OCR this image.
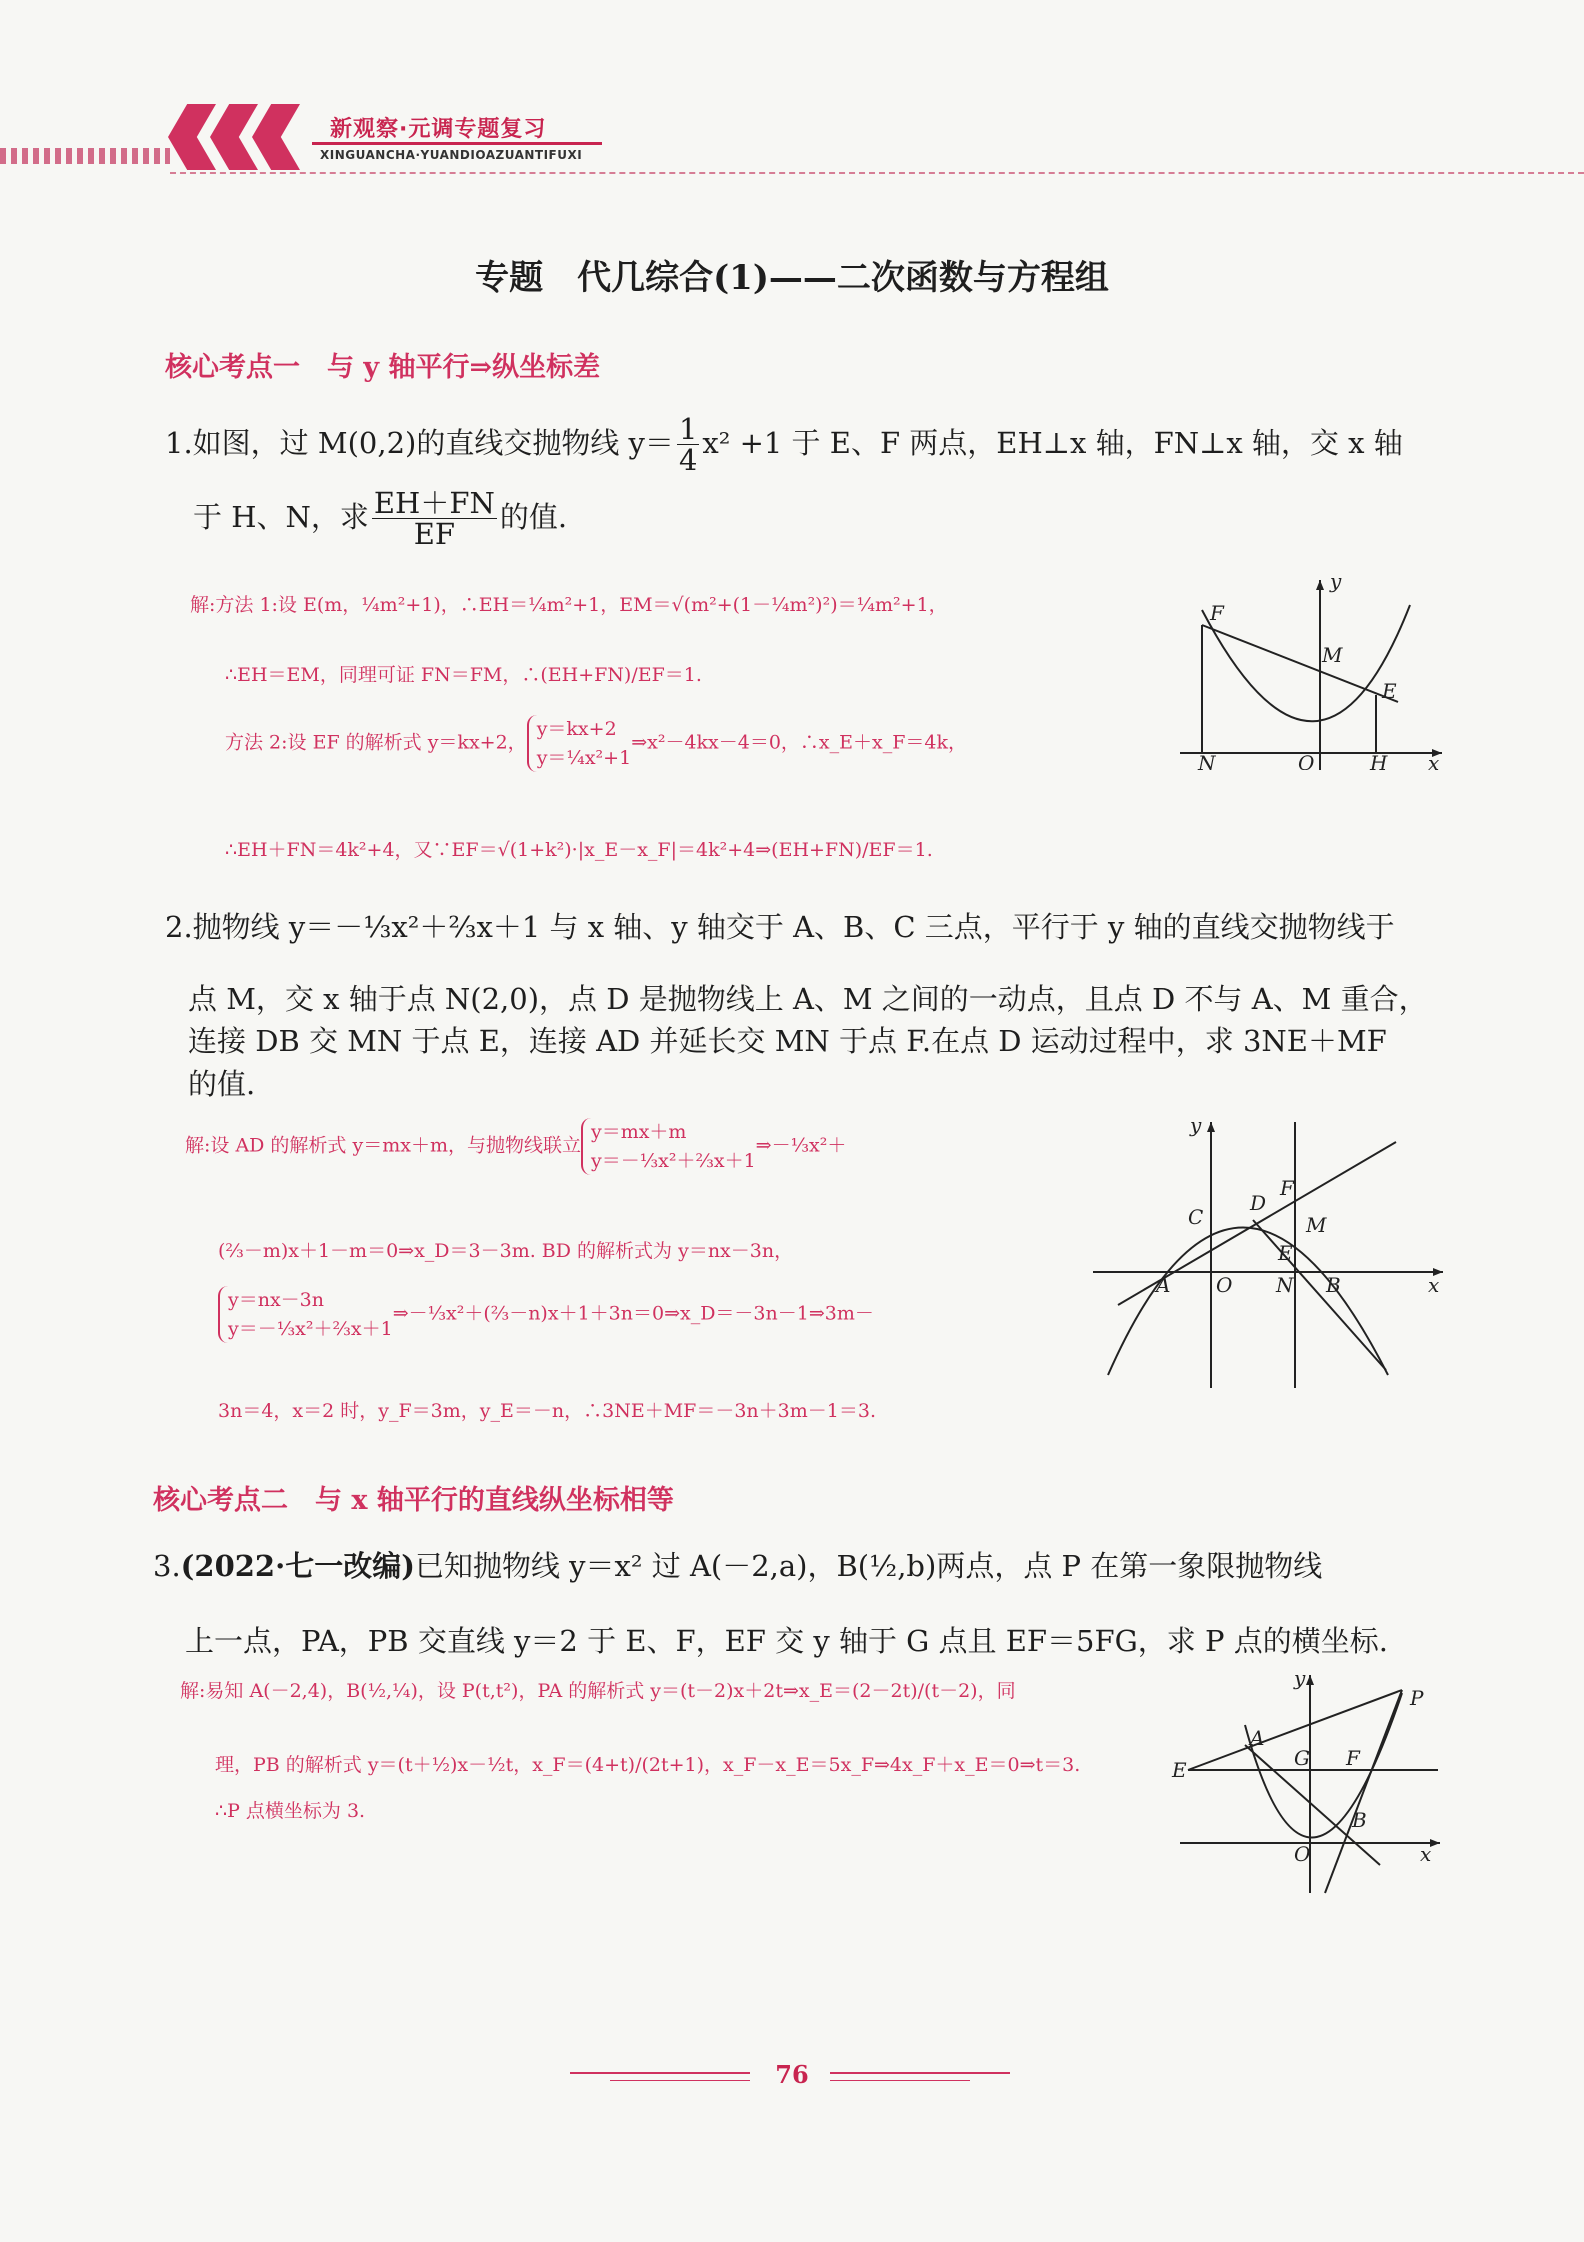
新观察·元调专题复习
XINGUANCHA·YUANDIOAZUANTIFUXI
专题　代几综合(1)——二次函数与方程组
核心考点一　与 y 轴平行⇒纵坐标差
1.如图，过 M(0,2)的直线交抛物线 $y= \frac{1}{4} x^2 +1$ 于 E、F 两点，EH⊥x 轴，FN⊥x 轴，交 x 轴
于 H、N，求 $\frac{EH+FN}{EF}$ 的值.
解:方法 1:设 E(m，¼m²+1)，∴EH＝¼m²+1，EM＝√(m²+(1－¼m²)²)＝¼m²+1，
∴EH＝EM，同理可证 FN＝FM，∴(EH+FN)/EF＝1.
方法 2:设 EF 的解析式 y＝kx+2，
y＝kx+2
y＝¼x²+1
⇒x²－4kx－4＝0，∴x_E＋x_F＝4k，
∴EH＋FN＝4k²+4，又∵EF＝√(1+k²)·|x_E－x_F|＝4k²+4⇒(EH+FN)/EF＝1.
y
F
M
E
N	O	H x
2.抛物线 y＝－⅓x²＋⅔x＋1 与 x 轴、y 轴交于 A、B、C 三点，平行于 y 轴的直线交抛物线于
点 M，交 x 轴于点 N(2,0)，点 D 是抛物线上 A、M 之间的一动点，且点 D 不与 A、M 重合，
连接 DB 交 MN 于点 E，连接 AD 并延长交 MN 于点 F.在点 D 运动过程中，求 3NE＋MF
的值.
解:设 AD 的解析式 y＝mx＋m，与抛物线联立
y＝mx＋m
y＝－⅓x²＋⅔x＋1
⇒－⅓x²＋
(⅔－m)x＋1－m＝0⇒x_D＝3－3m. BD 的解析式为 y＝nx－3n，
y＝nx－3n
y＝－⅓x²＋⅔x＋1
⇒－⅓x²＋(⅔－n)x＋1＋3n＝0⇒x_D＝－3n－1⇒3m－
3n＝4，x＝2 时，y_F＝3m，y_E＝－n，∴3NE＋MF＝－3n＋3m－1＝3.
y
F
D
M
C
E
A O N B	x
核心考点二　与 x 轴平行的直线纵坐标相等
3.(2022·七一改编)已知抛物线 y＝x² 过 A(－2,a)，B(½,b)两点，点 P 在第一象限抛物线
上一点，PA，PB 交直线 y＝2 于 E、F，EF 交 y 轴于 G 点且 EF＝5FG，求 P 点的横坐标.
解:易知 A(－2,4)，B(½,¼)，设 P(t,t²)，PA 的解析式 y＝(t－2)x＋2t⇒x_E＝(2－2t)/(t－2)，同
理，PB 的解析式 y＝(t＋½)x－½t，x_F＝(4+t)/(2t+1)，x_F－x_E＝5x_F⇒4x_F＋x_E＝0⇒t＝3.
∴P 点横坐标为 3.
y
P
A
G F
E
B
O	x
76
